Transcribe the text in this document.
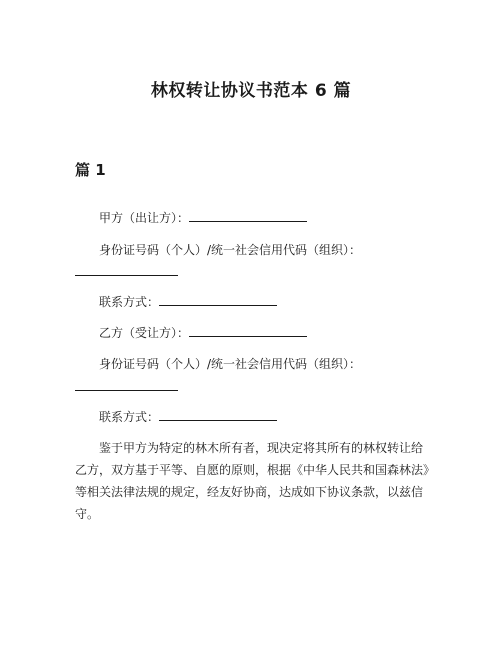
林权转让协议书范本 6 篇
篇 1
甲方（出让方）：
身份证号码（个人）/统一社会信用代码（组织）：
联系方式：
乙方（受让方）：
身份证号码（个人）/统一社会信用代码（组织）：
联系方式：
鉴于甲方为特定的林木所有者，现决定将其所有的林权转让给乙方，双方基于平等、自愿的原则，根据《中华人民共和国森林法》等相关法律法规的规定，经友好协商，达成如下协议条款，以兹信守。
